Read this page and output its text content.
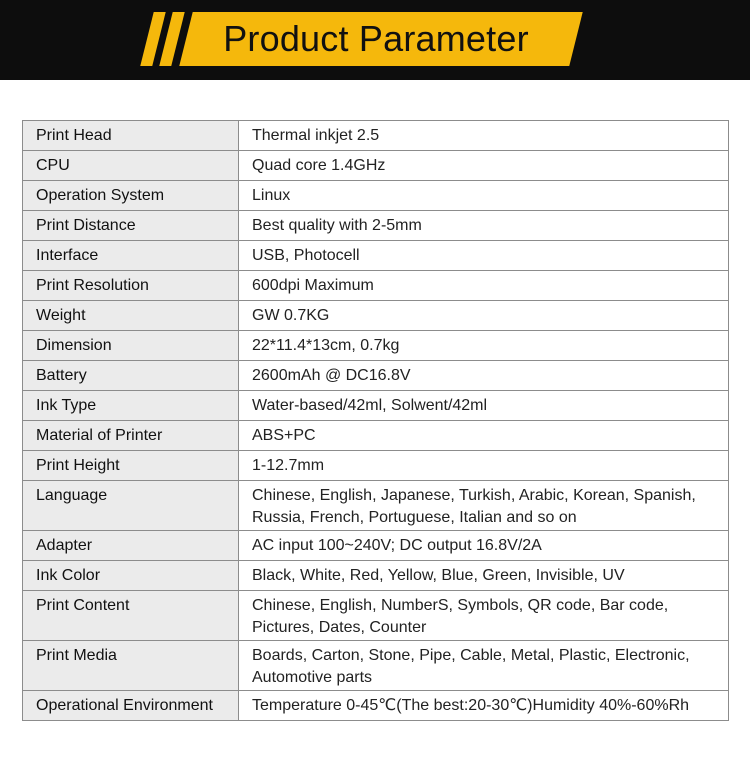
Product Parameter
Print Head	Thermal inkjet 2.5
CPU	Quad core 1.4GHz
Operation System	Linux
Print Distance	Best quality with 2-5mm
Interface	USB, Photocell
Print Resolution	600dpi Maximum
Weight	GW 0.7KG
Dimension	22*11.4*13cm, 0.7kg
Battery	2600mAh @ DC16.8V
Ink Type	Water-based/42ml, Solwent/42ml
Material of Printer	ABS+PC
Print Height	1-12.7mm
Language	Chinese, English, Japanese, Turkish, Arabic, Korean, Spanish, Russia, French, Portuguese, Italian and so on
Adapter	AC input 100~240V; DC output 16.8V/2A
Ink Color	Black, White, Red, Yellow, Blue, Green, Invisible, UV
Print Content	Chinese, English, NumberS, Symbols, QR code, Bar code, Pictures, Dates, Counter
Print Media	Boards, Carton, Stone, Pipe, Cable, Metal, Plastic, Electronic, Automotive parts
Operational Environment	Temperature 0-45℃(The best:20-30℃)Humidity 40%-60%Rh
